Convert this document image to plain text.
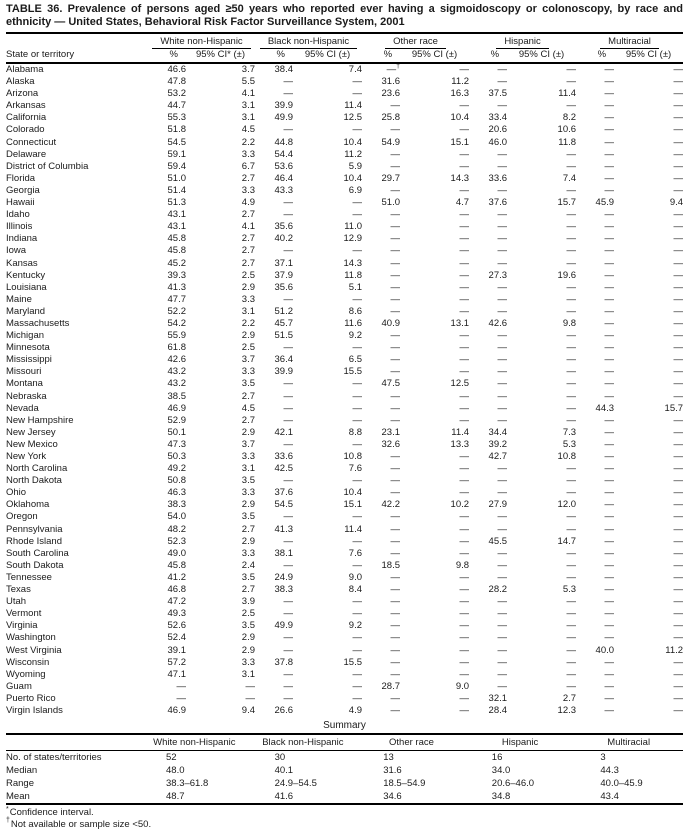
TABLE 36. Prevalence of persons aged ≥50 years who reported ever having a sigmoidoscopy or colonoscopy, by race and ethnicity — United States, Behavioral Risk Factor Surveillance System, 2001
	White non-Hispanic		Black non-Hispanic		Other race		Hispanic		Multiracial	
State or territory	%	95% CI* (±)	%	95% CI (±)	%	95% CI (±)	%	95% CI (±)	%	95% CI (±)
Alabama	46.6	3.7	38.4	7.4	—†	—	—	—	—	—
Alaska	47.8	5.5	—	—	31.6	11.2	—	—	—	—
Arizona	53.2	4.1	—	—	23.6	16.3	37.5	11.4	—	—
Arkansas	44.7	3.1	39.9	11.4	—	—	—	—	—	—
California	55.3	3.1	49.9	12.5	25.8	10.4	33.4	8.2	—	—
Colorado	51.8	4.5	—	—	—	—	20.6	10.6	—	—
Connecticut	54.5	2.2	44.8	10.4	54.9	15.1	46.0	11.8	—	—
Delaware	59.1	3.3	54.4	11.2	—	—	—	—	—	—
District of Columbia	59.4	6.7	53.6	5.9	—	—	—	—	—	—
Florida	51.0	2.7	46.4	10.4	29.7	14.3	33.6	7.4	—	—
Georgia	51.4	3.3	43.3	6.9	—	—	—	—	—	—
Hawaii	51.3	4.9	—	—	51.0	4.7	37.6	15.7	45.9	9.4
Idaho	43.1	2.7	—	—	—	—	—	—	—	—
Illinois	43.1	4.1	35.6	11.0	—	—	—	—	—	—
Indiana	45.8	2.7	40.2	12.9	—	—	—	—	—	—
Iowa	45.8	2.7	—	—	—	—	—	—	—	—
Kansas	45.2	2.7	37.1	14.3	—	—	—	—	—	—
Kentucky	39.3	2.5	37.9	11.8	—	—	27.3	19.6	—	—
Louisiana	41.3	2.9	35.6	5.1	—	—	—	—	—	—
Maine	47.7	3.3	—	—	—	—	—	—	—	—
Maryland	52.2	3.1	51.2	8.6	—	—	—	—	—	—
Massachusetts	54.2	2.2	45.7	11.6	40.9	13.1	42.6	9.8	—	—
Michigan	55.9	2.9	51.5	9.2	—	—	—	—	—	—
Minnesota	61.8	2.5	—	—	—	—	—	—	—	—
Mississippi	42.6	3.7	36.4	6.5	—	—	—	—	—	—
Missouri	43.2	3.3	39.9	15.5	—	—	—	—	—	—
Montana	43.2	3.5	—	—	47.5	12.5	—	—	—	—
Nebraska	38.5	2.7	—	—	—	—	—	—	—	—
Nevada	46.9	4.5	—	—	—	—	—	—	44.3	15.7
New Hampshire	52.9	2.7	—	—	—	—	—	—	—	—
New Jersey	50.1	2.9	42.1	8.8	23.1	11.4	34.4	7.3	—	—
New Mexico	47.3	3.7	—	—	32.6	13.3	39.2	5.3	—	—
New York	50.3	3.3	33.6	10.8	—	—	42.7	10.8	—	—
North Carolina	49.2	3.1	42.5	7.6	—	—	—	—	—	—
North Dakota	50.8	3.5	—	—	—	—	—	—	—	—
Ohio	46.3	3.3	37.6	10.4	—	—	—	—	—	—
Oklahoma	38.3	2.9	54.5	15.1	42.2	10.2	27.9	12.0	—	—
Oregon	54.0	3.5	—	—	—	—	—	—	—	—
Pennsylvania	48.2	2.7	41.3	11.4	—	—	—	—	—	—
Rhode Island	52.3	2.9	—	—	—	—	45.5	14.7	—	—
South Carolina	49.0	3.3	38.1	7.6	—	—	—	—	—	—
South Dakota	45.8	2.4	—	—	18.5	9.8	—	—	—	—
Tennessee	41.2	3.5	24.9	9.0	—	—	—	—	—	—
Texas	46.8	2.7	38.3	8.4	—	—	28.2	5.3	—	—
Utah	47.2	3.9	—	—	—	—	—	—	—	—
Vermont	49.3	2.5	—	—	—	—	—	—	—	—
Virginia	52.6	3.5	49.9	9.2	—	—	—	—	—	—
Washington	52.4	2.9	—	—	—	—	—	—	—	—
West Virginia	39.1	2.9	—	—	—	—	—	—	40.0	11.2
Wisconsin	57.2	3.3	37.8	15.5	—	—	—	—	—	—
Wyoming	47.1	3.1	—	—	—	—	—	—	—	—
Guam	—	—	—	—	28.7	9.0	—	—	—	—
Puerto Rico	—	—	—	—	—	—	32.1	2.7	—	—
Virgin Islands	46.9	9.4	26.6	4.9	—	—	28.4	12.3	—	—
Summary
	White non-Hispanic	Black non-Hispanic	Other race	Hispanic	Multiracial
No. of states/territories	52	30	13	16	3
Median	48.0	40.1	31.6	34.0	44.3
Range	38.3–61.8	24.9–54.5	18.5–54.9	20.6–46.0	40.0–45.9
Mean	48.7	41.6	34.6	34.8	43.4
*Confidence interval.
†Not available or sample size <50.
